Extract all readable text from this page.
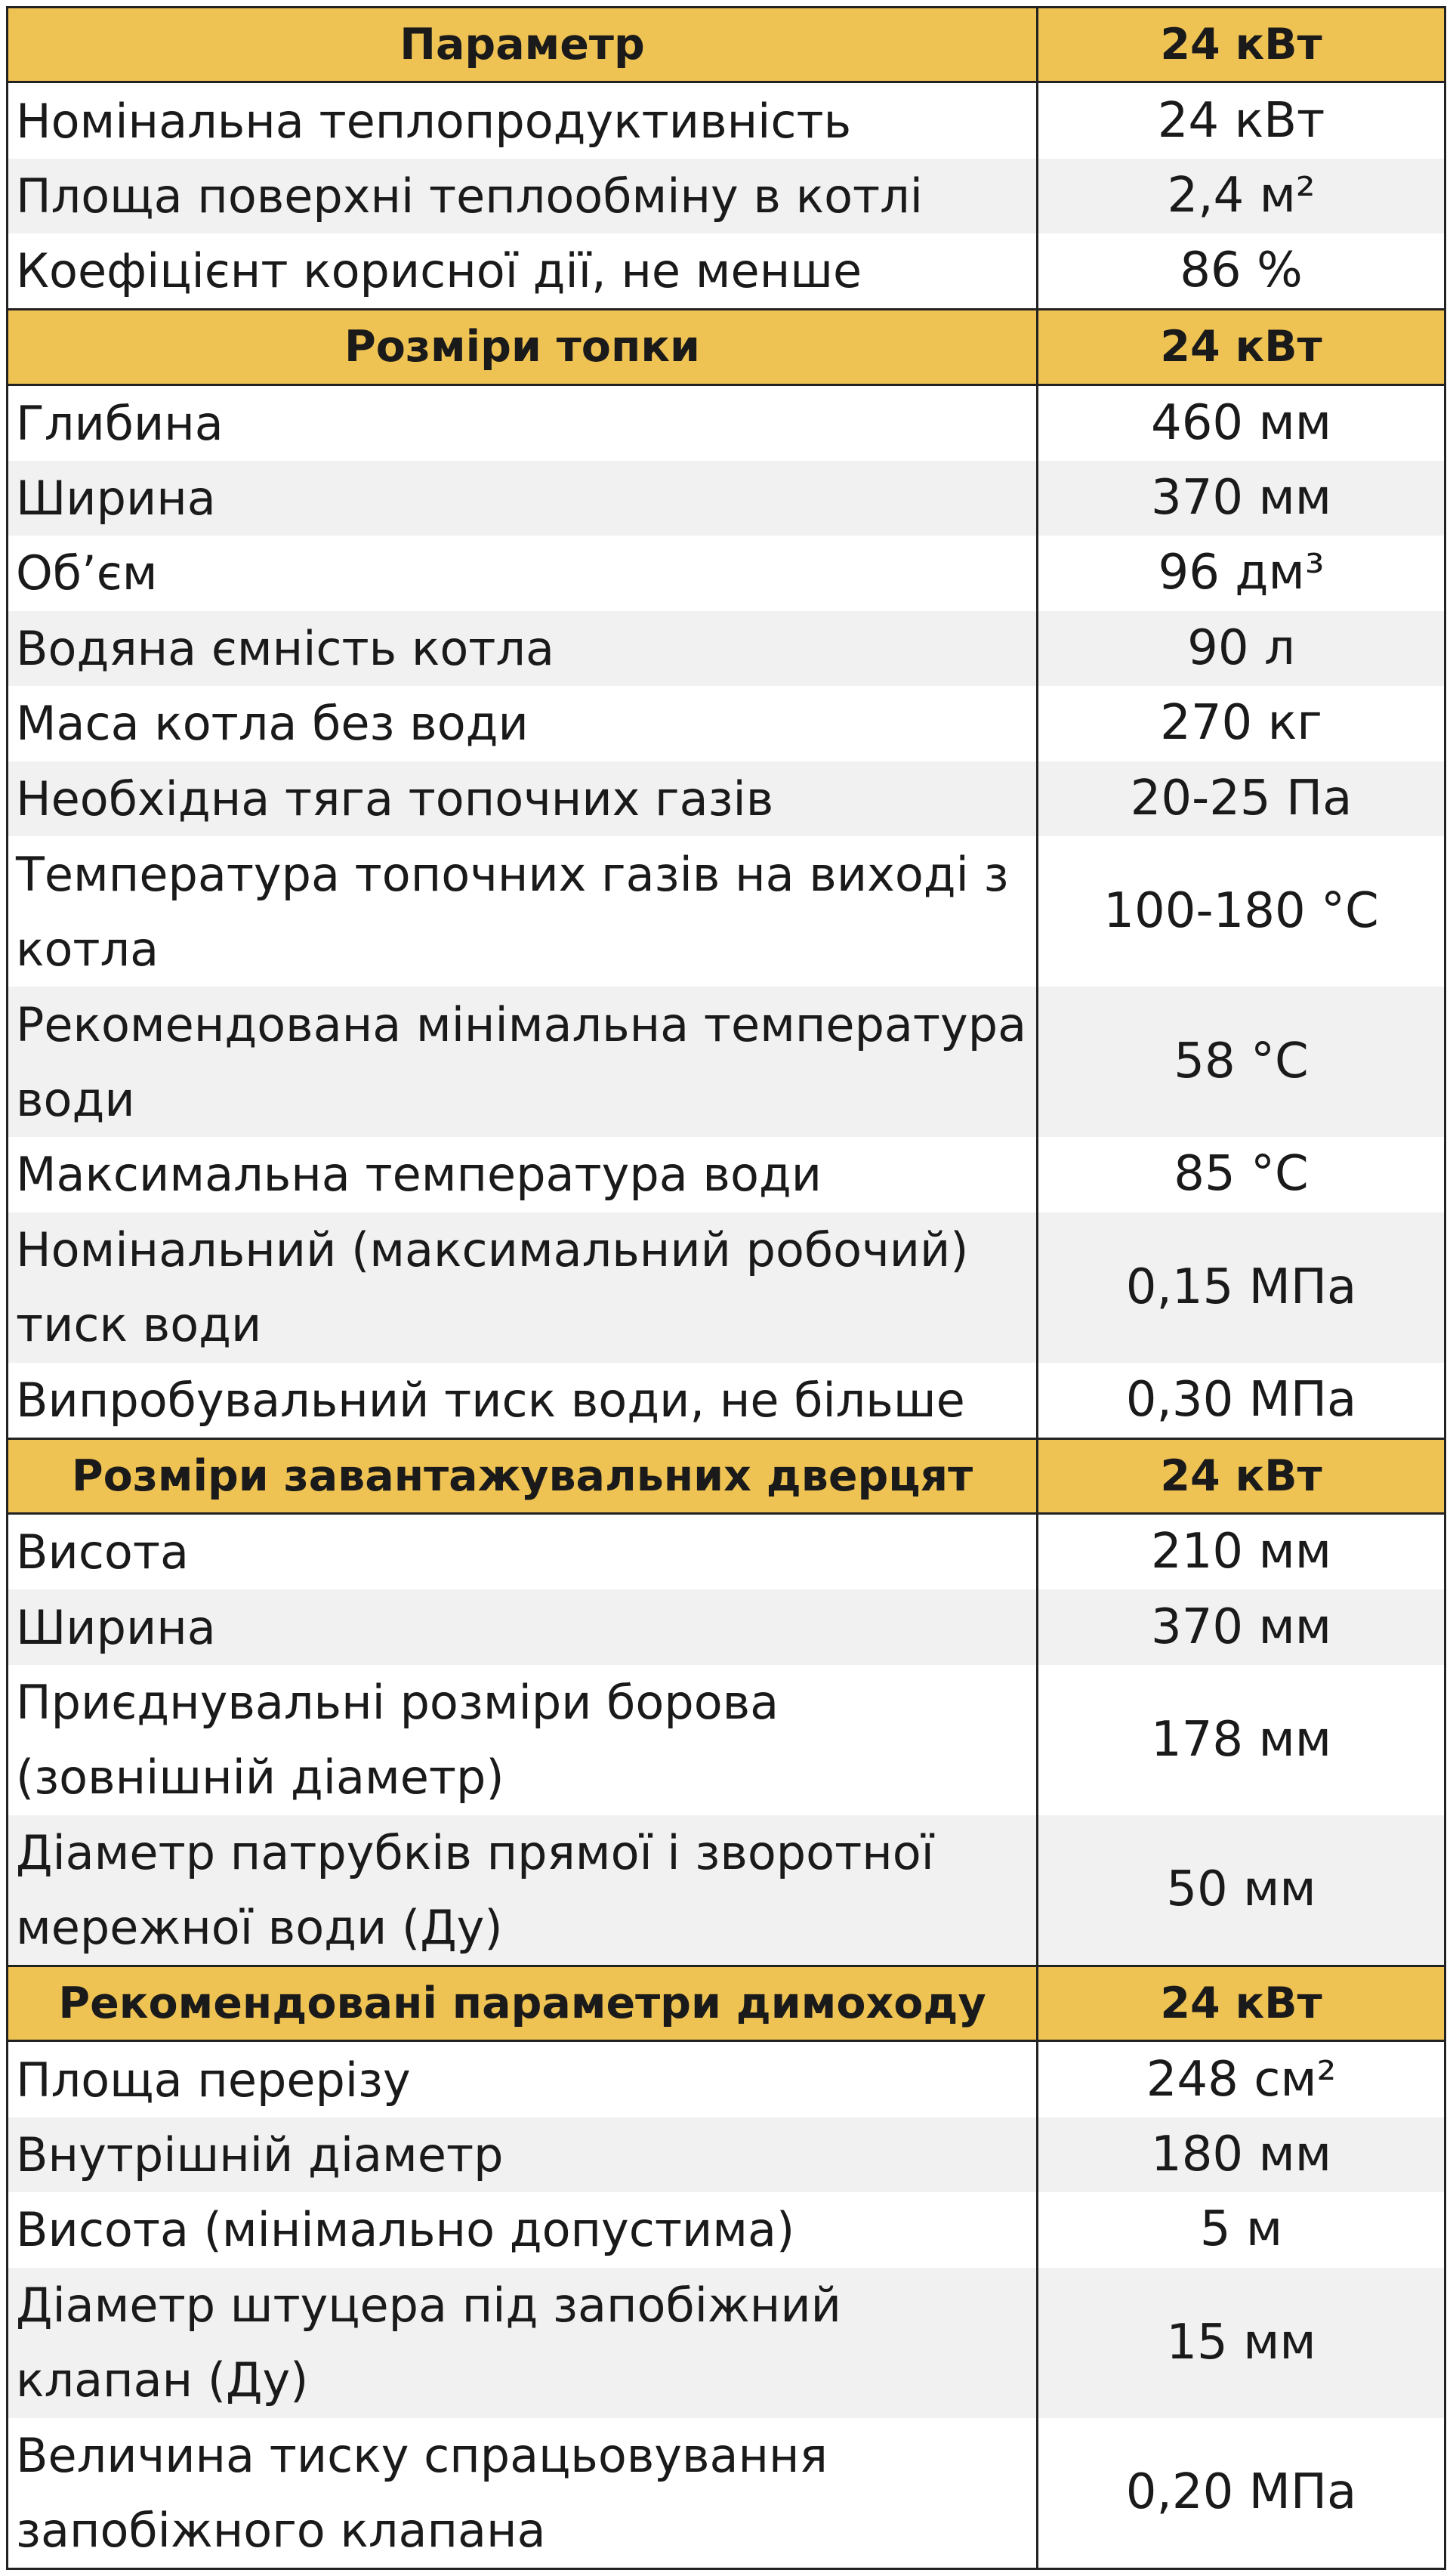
Параметр	24 кВт
Номінальна теплопродуктивність	24 кВт
Площа поверхні теплообміну в котлі	2,4 м²
Коефіцієнт корисної дії, не менше	86 %
Розміри топки	24 кВт
Глибина	460 мм
Ширина	370 мм
Об’єм	96 дм³
Водяна ємність котла	90 л
Маса котла без води	270 кг
Необхідна тяга топочних газів	20-25 Па
Температура топочних газів на виході з котла	100-180 °C
Рекомендована мінімальна температура води	58 °C
Максимальна температура води	85 °C
Номінальний (максимальний робочий) тиск води	0,15 МПа
Випробувальний тиск води, не більше	0,30 МПа
Розміри завантажувальних дверцят	24 кВт
Висота	210 мм
Ширина	370 мм
Приєднувальні розміри борова (зовнішній діаметр)	178 мм
Діаметр патрубків прямої і зворотної мережної води (Ду)	50 мм
Рекомендовані параметри димоходу	24 кВт
Площа перерізу	248 см²
Внутрішній діаметр	180 мм
Висота (мінімально допустима)	5 м
Діаметр штуцера під запобіжний клапан (Ду)	15 мм
Величина тиску спрацьовування запобіжного клапана	0,20 МПа
